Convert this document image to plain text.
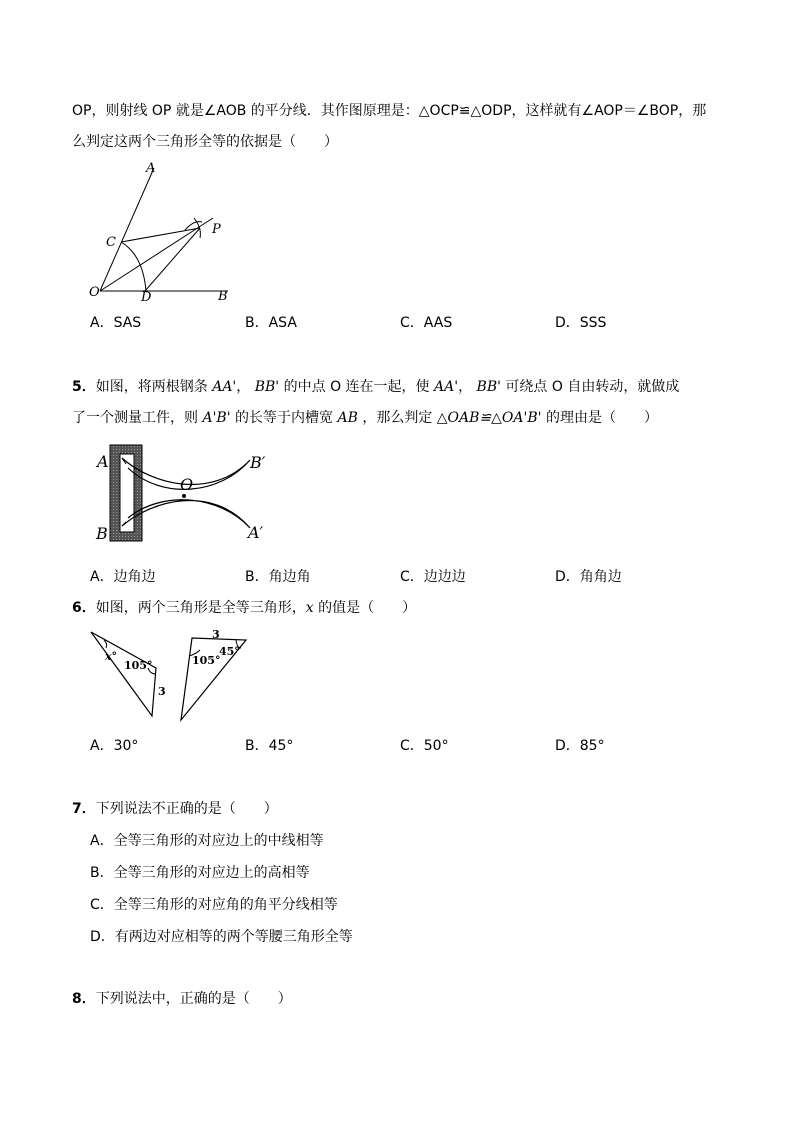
OP，则射线 OP 就是∠AOB 的平分线．其作图原理是：△OCP≌△ODP，这样就有∠AOP＝∠BOP，那
么判定这两个三角形全等的依据是（　　）
A
C
P
O	D	B
A．SAS	B．ASA	C．AAS	D．SSS
5．如图，将两根钢条 AA'， BB' 的中点 O 连在一起，使 AA'， BB' 可绕点 O 自由转动，就做成
了一个测量工件，则 A'B' 的长等于内槽宽 AB ，那么判定 △OAB≌△OA'B' 的理由是（　　）
A
B
O
B′
A′
A．边角边	B．角边角	C．边边边	D．角角边
6．如图，两个三角形是全等三角形，x 的值是（　　）
x°
105°
3
3
105°
45°
A．30°	B．45°	C．50°	D．85°
7．下列说法不正确的是（　　）
A．全等三角形的对应边上的中线相等
B．全等三角形的对应边上的高相等
C．全等三角形的对应角的角平分线相等
D．有两边对应相等的两个等腰三角形全等
8．下列说法中，正确的是（　　）
